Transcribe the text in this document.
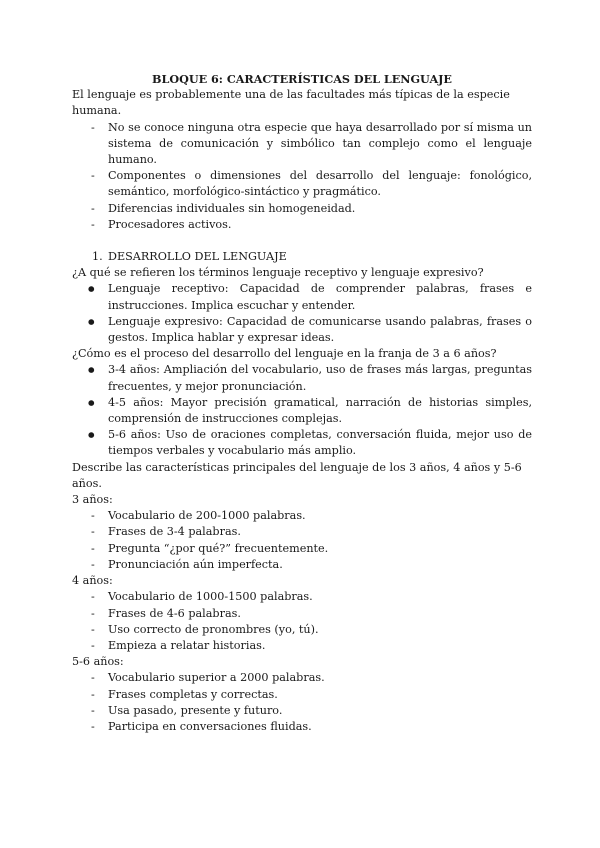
BLOQUE 6: CARACTERÍSTICAS DEL LENGUAJE

El lenguaje es probablemente una de las facultades más típicas de la especie humana.

- No se conoce ninguna otra especie que haya desarrollado por sí misma un sistema de comunicación y simbólico tan complejo como el lenguaje humano.
- Componentes o dimensiones del desarrollo del lenguaje: fonológico, semántico, morfológico-sintáctico y pragmático.
- Diferencias individuales sin homogeneidad.
- Procesadores activos.

1. DESARROLLO DEL LENGUAJE

¿A qué se refieren los términos lenguaje receptivo y lenguaje expresivo?

● Lenguaje receptivo: Capacidad de comprender palabras, frases e instrucciones. Implica escuchar y entender.
● Lenguaje expresivo: Capacidad de comunicarse usando palabras, frases o gestos. Implica hablar y expresar ideas.

¿Cómo es el proceso del desarrollo del lenguaje en la franja de 3 a 6 años?

● 3-4 años: Ampliación del vocabulario, uso de frases más largas, preguntas frecuentes, y mejor pronunciación.
● 4-5 años: Mayor precisión gramatical, narración de historias simples, comprensión de instrucciones complejas.
● 5-6 años: Uso de oraciones completas, conversación fluida, mejor uso de tiempos verbales y vocabulario más amplio.

Describe las características principales del lenguaje de los 3 años, 4 años y 5-6 años.

3 años:

- Vocabulario de 200-1000 palabras.
- Frases de 3-4 palabras.
- Pregunta “¿por qué?” frecuentemente.
- Pronunciación aún imperfecta.

4 años:

- Vocabulario de 1000-1500 palabras.
- Frases de 4-6 palabras.
- Uso correcto de pronombres (yo, tú).
- Empieza a relatar historias.

5-6 años:

- Vocabulario superior a 2000 palabras.
- Frases completas y correctas.
- Usa pasado, presente y futuro.
- Participa en conversaciones fluidas.
